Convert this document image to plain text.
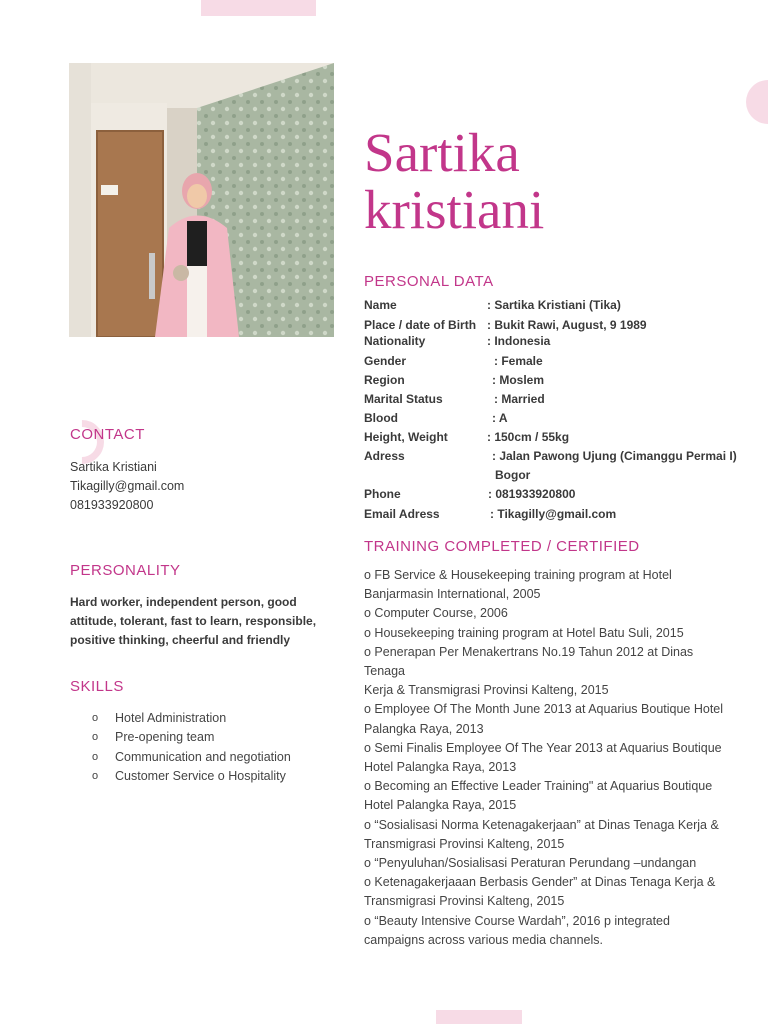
Sartika
kristiani
CONTACT
Sartika Kristiani
Tikagilly@gmail.com
081933920800
PERSONALITY
Hard worker, independent person, good attitude, tolerant, fast to learn, responsible, positive thinking, cheerful and friendly
SKILLS
o	Hotel Administration
o	Pre-opening team
o	Communication and negotiation
o	Customer Service o Hospitality
PERSONAL DATA
Name	: Sartika Kristiani (Tika)
Place / date of Birth : Bukit Rawi, August, 9 1989
Nationality	: Indonesia
Gender	: Female
Region	: Moslem
Marital Status	: Married
Blood	: A
Height, Weight	: 150cm / 55kg
Adress	: Jalan Pawong Ujung (Cimanggu Permai I)
Bogor
Phone	: 081933920800
Email Adress	: Tikagilly@gmail.com
TRAINING COMPLETED / CERTIFIED
o FB Service & Housekeeping training program at Hotel
Banjarmasin International, 2005
o Computer Course, 2006
o Housekeeping training program at Hotel Batu Suli, 2015
o Penerapan Per Menakertrans No.19 Tahun 2012 at Dinas
Tenaga
Kerja & Transmigrasi Provinsi Kalteng, 2015
o Employee Of The Month June 2013 at Aquarius Boutique Hotel
Palangka Raya, 2013
o Semi Finalis Employee Of The Year 2013 at Aquarius Boutique
Hotel Palangka Raya, 2013
o Becoming an Effective Leader Training" at Aquarius Boutique
Hotel Palangka Raya, 2015
o “Sosialisasi Norma Ketenagakerjaan” at Dinas Tenaga Kerja &
Transmigrasi Provinsi Kalteng, 2015
o “Penyuluhan/Sosialisasi Peraturan Perundang –undangan
o Ketenagakerjaaan Berbasis Gender” at Dinas Tenaga Kerja &
Transmigrasi Provinsi Kalteng, 2015
o “Beauty Intensive Course Wardah”, 2016 p integrated
campaigns across various media channels.
